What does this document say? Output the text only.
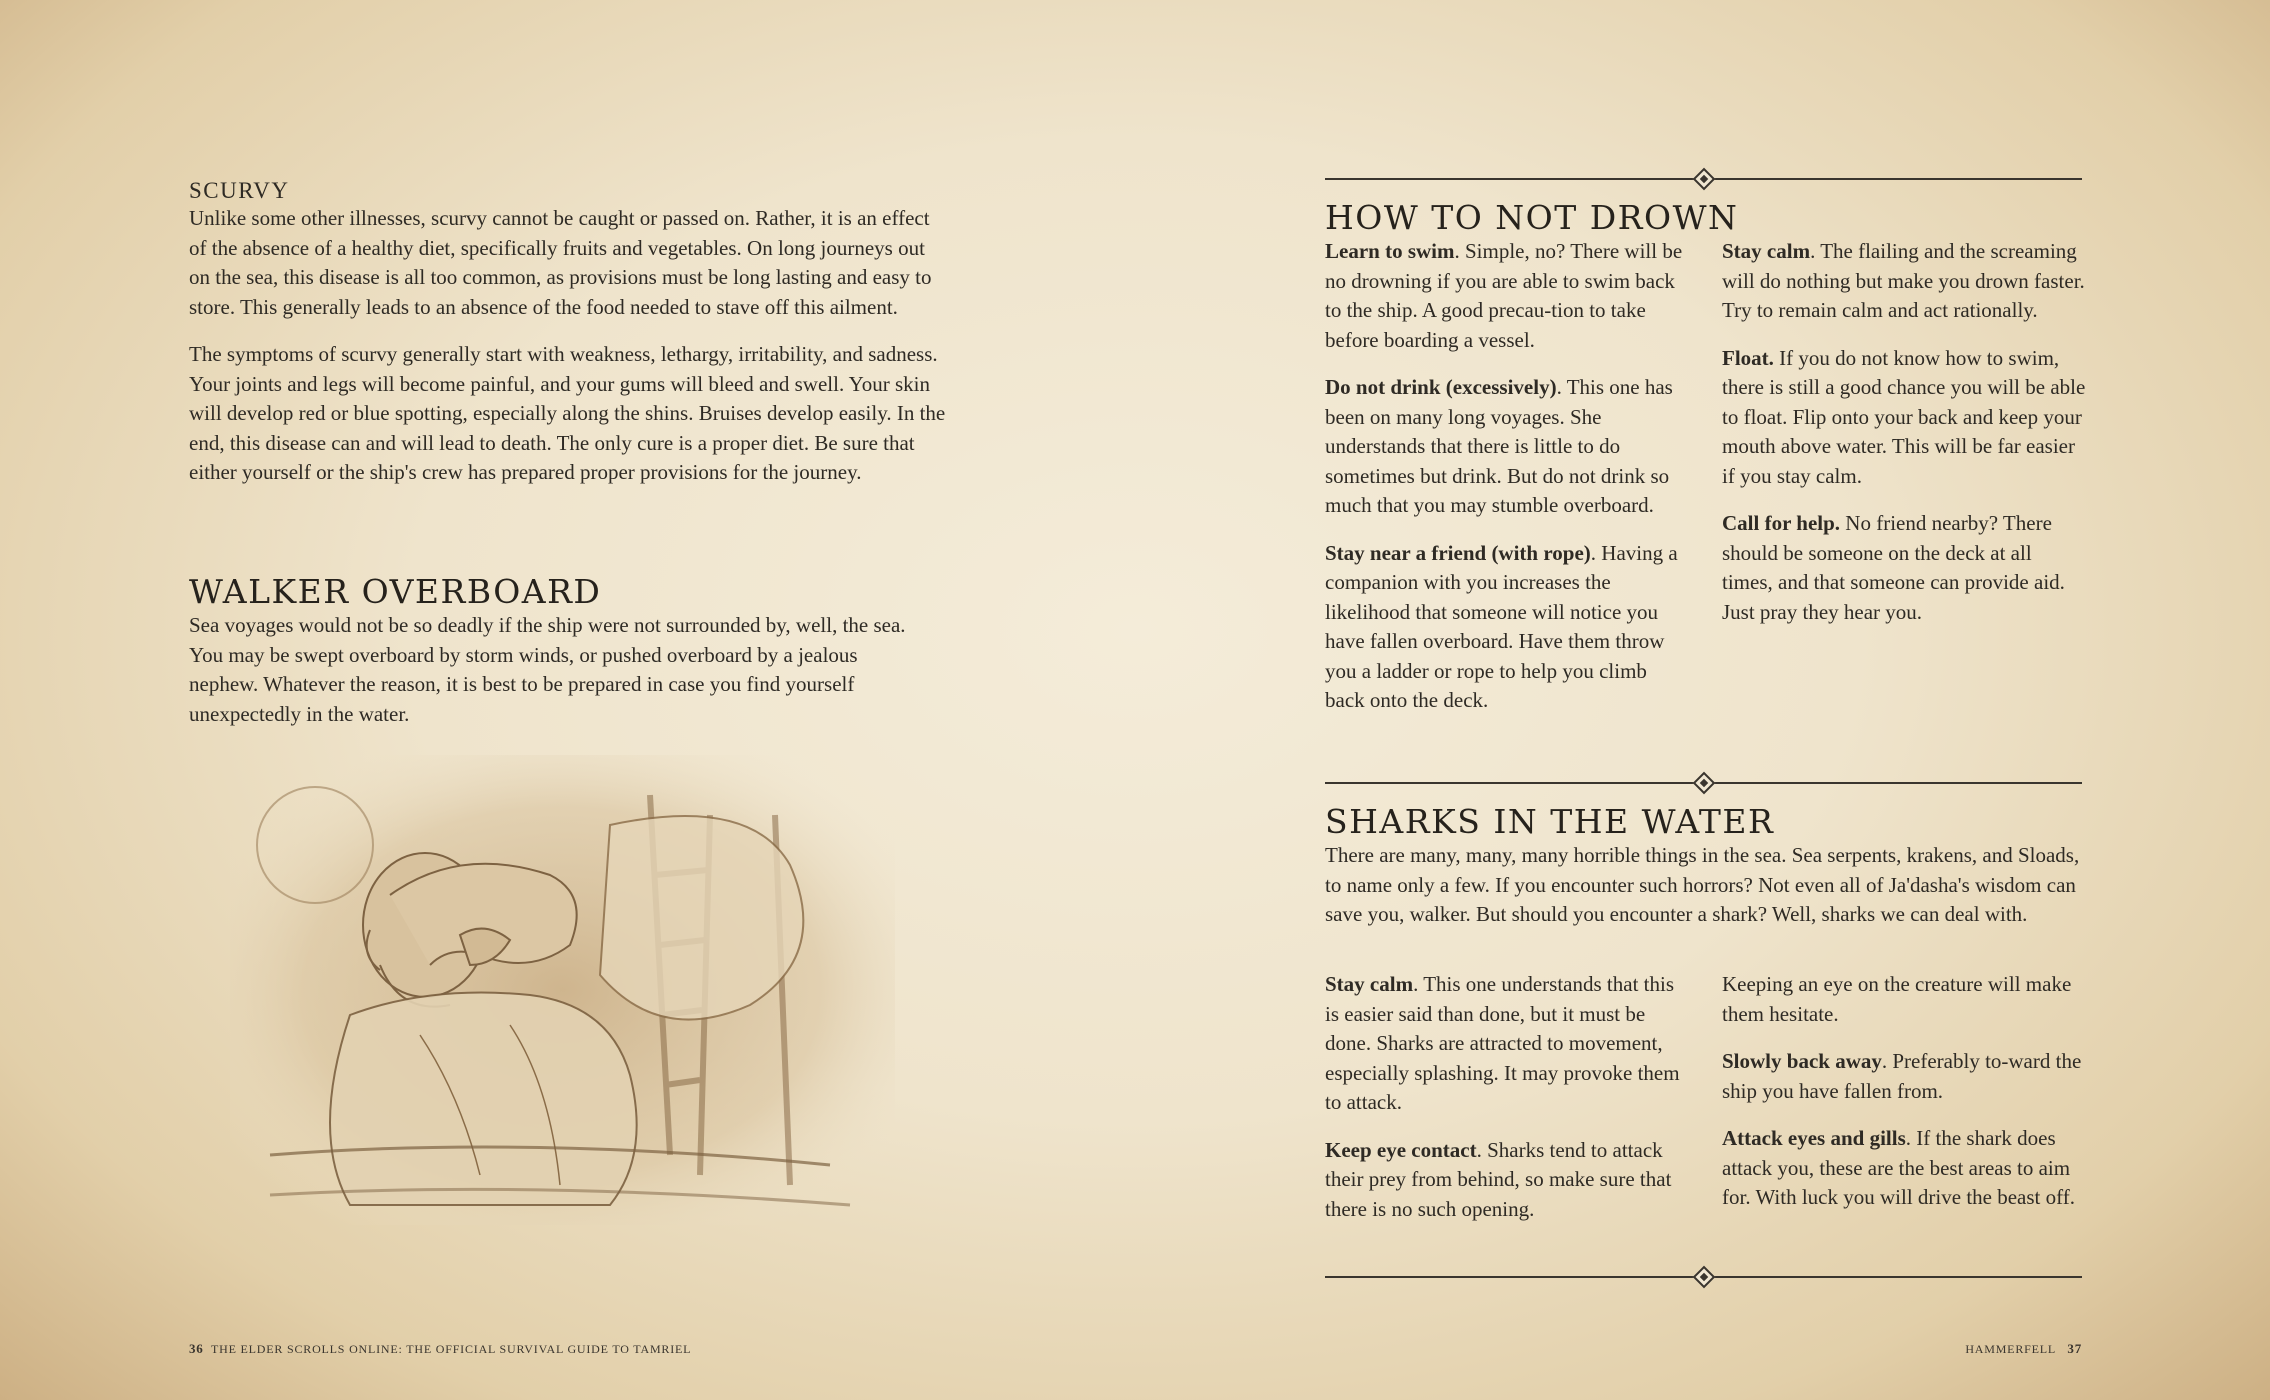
SCURVY

Unlike some other illnesses, scurvy cannot be caught or passed on. Rather, it is an effect of the absence of a healthy diet, specifically fruits and vegetables. On long journeys out on the sea, this disease is all too common, as provisions must be long lasting and easy to store. This generally leads to an absence of the food needed to stave off this ailment.

The symptoms of scurvy generally start with weakness, lethargy, irritability, and sadness. Your joints and legs will become painful, and your gums will bleed and swell. Your skin will develop red or blue spotting, especially along the shins. Bruises develop easily. In the end, this disease can and will lead to death. The only cure is a proper diet. Be sure that either yourself or the ship's crew has prepared proper provisions for the journey.

WALKER OVERBOARD

Sea voyages would not be so deadly if the ship were not surrounded by, well, the sea. You may be swept overboard by storm winds, or pushed overboard by a jealous nephew. Whatever the reason, it is best to be prepared in case you find yourself unexpectedly in the water.

36 THE ELDER SCROLLS ONLINE: THE OFFICIAL SURVIVAL GUIDE TO TAMRIEL
HOW TO NOT DROWN

Learn to swim. Simple, no? There will be no drowning if you are able to swim back to the ship. A good precau-tion to take before boarding a vessel.

Do not drink (excessively). This one has been on many long voyages. She understands that there is little to do sometimes but drink. But do not drink so much that you may stumble overboard.

Stay near a friend (with rope). Having a companion with you increases the likelihood that someone will notice you have fallen overboard. Have them throw you a ladder or rope to help you climb back onto the deck.

Stay calm. The flailing and the screaming will do nothing but make you drown faster. Try to remain calm and act rationally.

Float. If you do not know how to swim, there is still a good chance you will be able to float. Flip onto your back and keep your mouth above water. This will be far easier if you stay calm.

Call for help. No friend nearby? There should be someone on the deck at all times, and that someone can provide aid. Just pray they hear you.

SHARKS IN THE WATER

There are many, many, many horrible things in the sea. Sea serpents, krakens, and Sloads, to name only a few. If you encounter such horrors? Not even all of Ja'dasha's wisdom can save you, walker. But should you encounter a shark? Well, sharks we can deal with.

Stay calm. This one understands that this is easier said than done, but it must be done. Sharks are attracted to movement, especially splashing. It may provoke them to attack.

Keep eye contact. Sharks tend to attack their prey from behind, so make sure that there is no such opening.

Keeping an eye on the creature will make them hesitate.

Slowly back away. Preferably to-ward the ship you have fallen from.

Attack eyes and gills. If the shark does attack you, these are the best areas to aim for. With luck you will drive the beast off.

HAMMERFELL 37
